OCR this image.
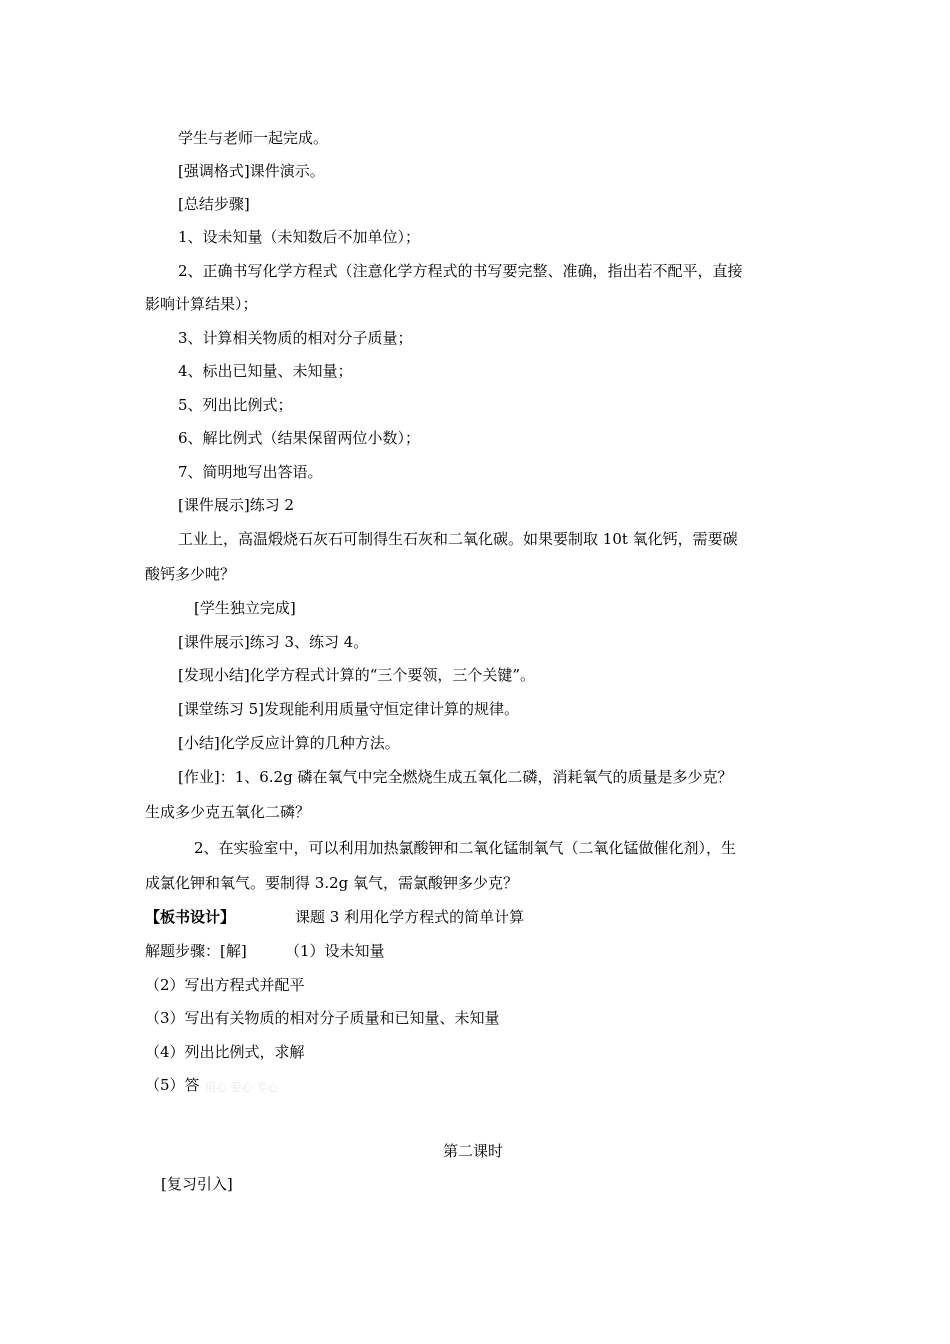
学生与老师一起完成。
[强调格式]课件演示。
[总结步骤]
1、设未知量（未知数后不加单位）；
2、正确书写化学方程式（注意化学方程式的书写要完整、准确，指出若不配平，直接
影响计算结果）；
3、计算相关物质的相对分子质量；
4、标出已知量、未知量；
5、列出比例式；
6、解比例式（结果保留两位小数）；
7、简明地写出答语。
[课件展示]练习 2
工业上，高温煅烧石灰石可制得生石灰和二氧化碳。如果要制取 10t 氧化钙，需要碳
酸钙多少吨？
[学生独立完成]
[课件展示]练习 3、练习 4。
[发现小结]化学方程式计算的“三个要领，三个关键”。
[课堂练习 5]发现能利用质量守恒定律计算的规律。
[小结]化学反应计算的几种方法。
[作业]：1、6.2g 磷在氧气中完全燃烧生成五氧化二磷，消耗氧气的质量是多少克？
生成多少克五氧化二磷？
2、在实验室中，可以利用加热氯酸钾和二氧化锰制氧气（二氧化锰做催化剂），生
成氯化钾和氧气。要制得 3.2g 氧气，需氯酸钾多少克？
【板书设计】	课题 3 利用化学方程式的简单计算
解题步骤：[解]	（1）设未知量
（2）写出方程式并配平
（3）写出有关物质的相对分子质量和已知量、未知量
（4）列出比例式，求解
（5）答 用心 爱心 专心
第二课时
[复习引入]
